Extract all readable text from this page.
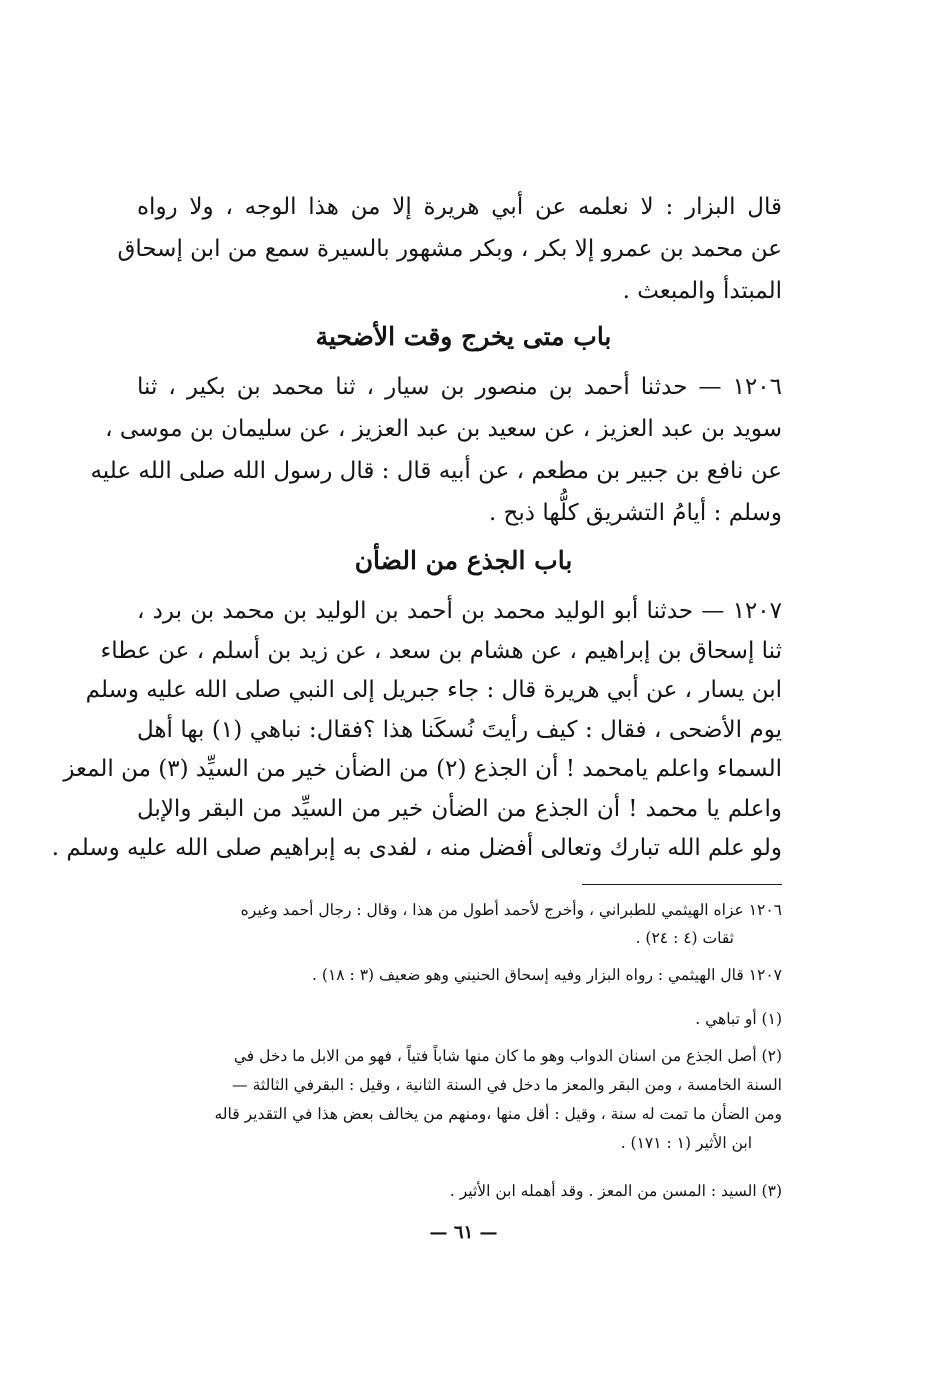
قال البزار : لا نعلمه عن أبي هريرة إلا من هذا الوجه ، ولا رواه
عن محمد بن عمرو إلا بكر ، وبكر مشهور بالسيرة سمع من ابن إسحاق
المبتدأ والمبعث .
باب متى يخرج وقت الأضحية
١٢٠٦ — حدثنا أحمد بن منصور بن سيار ، ثنا محمد بن بكير ، ثنا
سويد بن عبد العزيز ، عن سعيد بن عبد العزيز ، عن سليمان بن موسى ،
عن نافع بن جبير بن مطعم ، عن أبيه قال : قال رسول الله صلى الله عليه
وسلم : أيامُ التشريق كلُّها ذبح .
باب الجذع من الضأن
١٢٠٧ — حدثنا أبو الوليد محمد بن أحمد بن الوليد بن محمد بن برد ،
ثنا إسحاق بن إبراهيم ، عن هشام بن سعد ، عن زيد بن أسلم ، عن عطاء
ابن يسار ، عن أبي هريرة قال : جاء جبريل إلى النبي صلى الله عليه وسلم
يوم الأضحى ، فقال : كيف رأيتَ نُسكَنا هذا ؟فقال: نباهي (١) بها أهل
السماء واعلم يامحمد ! أن الجذع (٢) من الضأن خير من السيِّد (٣) من المعز
واعلم يا محمد ! أن الجذع من الضأن خير من السيِّد من البقر والإبل
ولو علم الله تبارك وتعالى أفضل منه ، لفدى به إبراهيم صلى الله عليه وسلم .
١٢٠٦ عزاه الهيثمي للطبراني ، وأخرج لأحمد أطول من هذا ، وقال : رجال أحمد وغيره
ثقات (٤ : ٢٤) .
١٢٠٧ قال الهيثمي : رواه البزار وفيه إسحاق الحنيني وهو ضعيف (٣ : ١٨) .
(١) أو تباهي .
(٢) أصل الجذع من اسنان الدواب وهو ما كان منها شاباً فتياً ، فهو من الابل ما دخل في
السنة الخامسة ، ومن البقر والمعز ما دخل في السنة الثانية ، وقيل : البقرفي الثالثة —
ومن الضأن ما تمت له سنة ، وقيل : أقل منها ،ومنهم من يخالف بعض هذا في التقدير قاله
ابن الأثير (١ : ١٧١) .
(٣) السيد : المسن من المعز . وقد أهمله ابن الأثير .
— ٦١ —
